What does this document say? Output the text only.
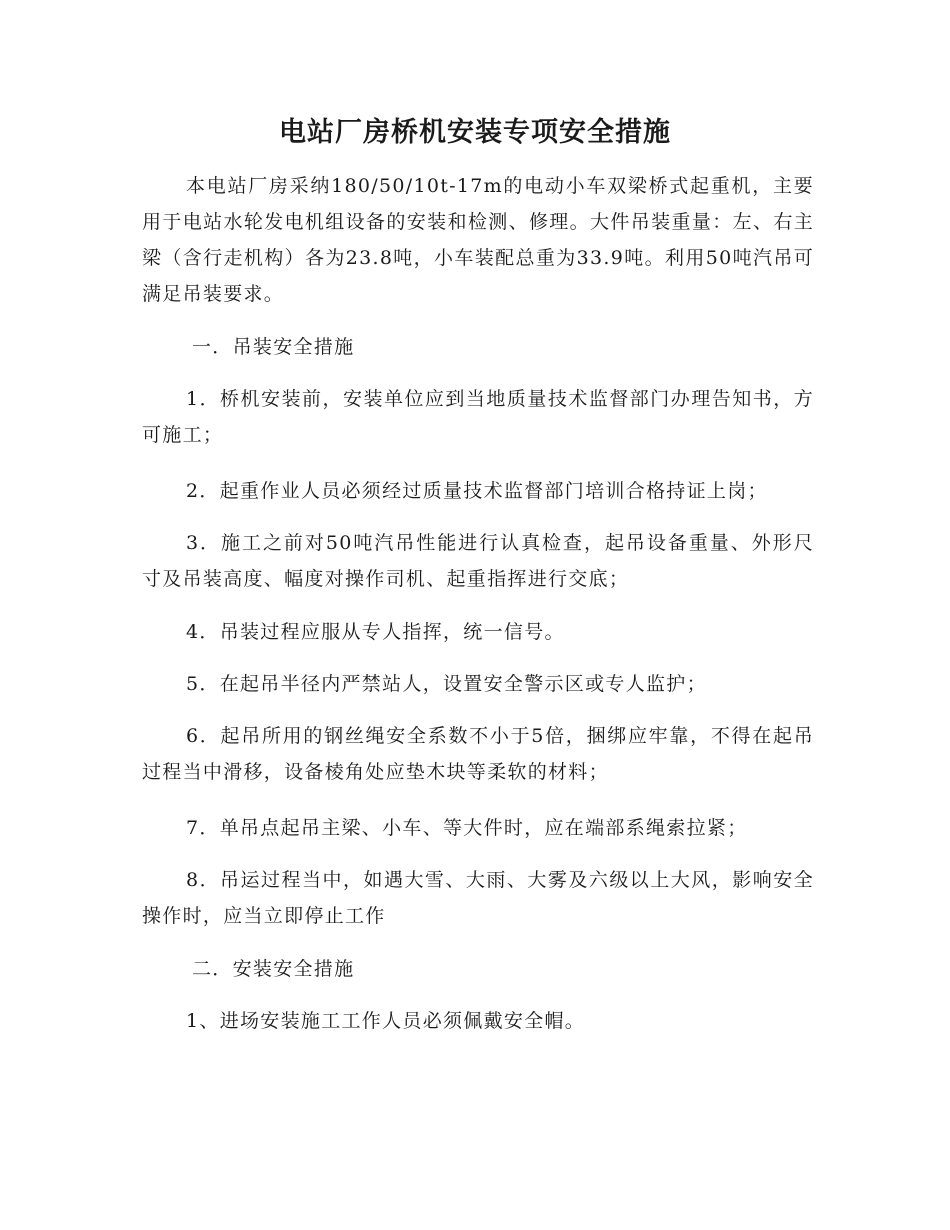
电站厂房桥机安装专项安全措施

本电站厂房采纳180/50/10t-17m的电动小车双梁桥式起重机，主要用于电站水轮发电机组设备的安装和检测、修理。大件吊装重量：左、右主梁（含行走机构）各为23.8吨，小车装配总重为33.9吨。利用50吨汽吊可满足吊装要求。

一．吊装安全措施

1．桥机安装前，安装单位应到当地质量技术监督部门办理告知书，方可施工；

2．起重作业人员必须经过质量技术监督部门培训合格持证上岗；

3．施工之前对50吨汽吊性能进行认真检查，起吊设备重量、外形尺寸及吊装高度、幅度对操作司机、起重指挥进行交底；

4．吊装过程应服从专人指挥，统一信号。

5．在起吊半径内严禁站人，设置安全警示区或专人监护；

6．起吊所用的钢丝绳安全系数不小于5倍，捆绑应牢靠，不得在起吊过程当中滑移，设备棱角处应垫木块等柔软的材料；

7．单吊点起吊主梁、小车、等大件时，应在端部系绳索拉紧；

8．吊运过程当中，如遇大雪、大雨、大雾及六级以上大风，影响安全操作时，应当立即停止工作

二．安装安全措施

1、进场安装施工工作人员必须佩戴安全帽。
